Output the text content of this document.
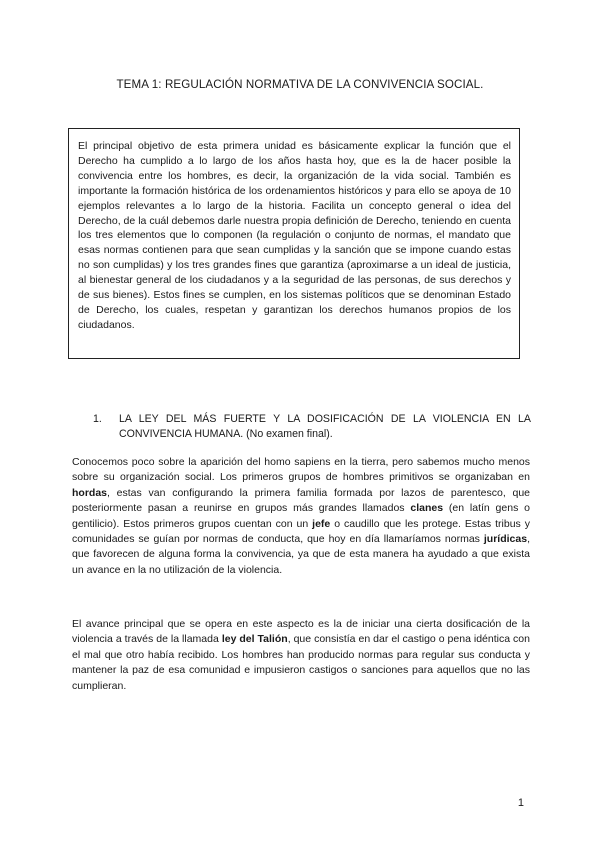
TEMA 1: REGULACIÓN NORMATIVA DE LA CONVIVENCIA SOCIAL.

El principal objetivo de esta primera unidad es básicamente explicar la función que el Derecho ha cumplido a lo largo de los años hasta hoy, que es la de hacer posible la convivencia entre los hombres, es decir, la organización de la vida social. También es importante la formación histórica de los ordenamientos históricos y para ello se apoya de 10 ejemplos relevantes a lo largo de la historia. Facilita un concepto general o idea del Derecho, de la cuál debemos darle nuestra propia definición de Derecho, teniendo en cuenta los tres elementos que lo componen (la regulación o conjunto de normas, el mandato que esas normas contienen para que sean cumplidas y la sanción que se impone cuando estas no son cumplidas) y los tres grandes fines que garantiza (aproximarse a un ideal de justicia, al bienestar general de los ciudadanos y a la seguridad de las personas, de sus derechos y de sus bienes). Estos fines se cumplen, en los sistemas políticos que se denominan Estado de Derecho, los cuales, respetan y garantizan los derechos humanos propios de los ciudadanos.

1. LA LEY DEL MÁS FUERTE Y LA DOSIFICACIÓN DE LA VIOLENCIA EN LA
CONVIVENCIA HUMANA. (No examen final).

Conocemos poco sobre la aparición del homo sapiens en la tierra, pero sabemos mucho menos sobre su organización social. Los primeros grupos de hombres primitivos se organizaban en hordas, estas van configurando la primera familia formada por lazos de parentesco, que posteriormente pasan a reunirse en grupos más grandes llamados clanes (en latín gens o gentilicio). Estos primeros grupos cuentan con un jefe o caudillo que les protege. Estas tribus y comunidades se guían por normas de conducta, que hoy en día llamaríamos normas jurídicas, que favorecen de alguna forma la convivencia, ya que de esta manera ha ayudado a que exista un avance en la no utilización de la violencia.

El avance principal que se opera en este aspecto es la de iniciar una cierta dosificación de la violencia a través de la llamada ley del Talión, que consistía en dar el castigo o pena idéntica con el mal que otro había recibido. Los hombres han producido normas para regular sus conducta y mantener la paz de esa comunidad e impusieron castigos o sanciones para aquellos que no las cumplieran.

1
